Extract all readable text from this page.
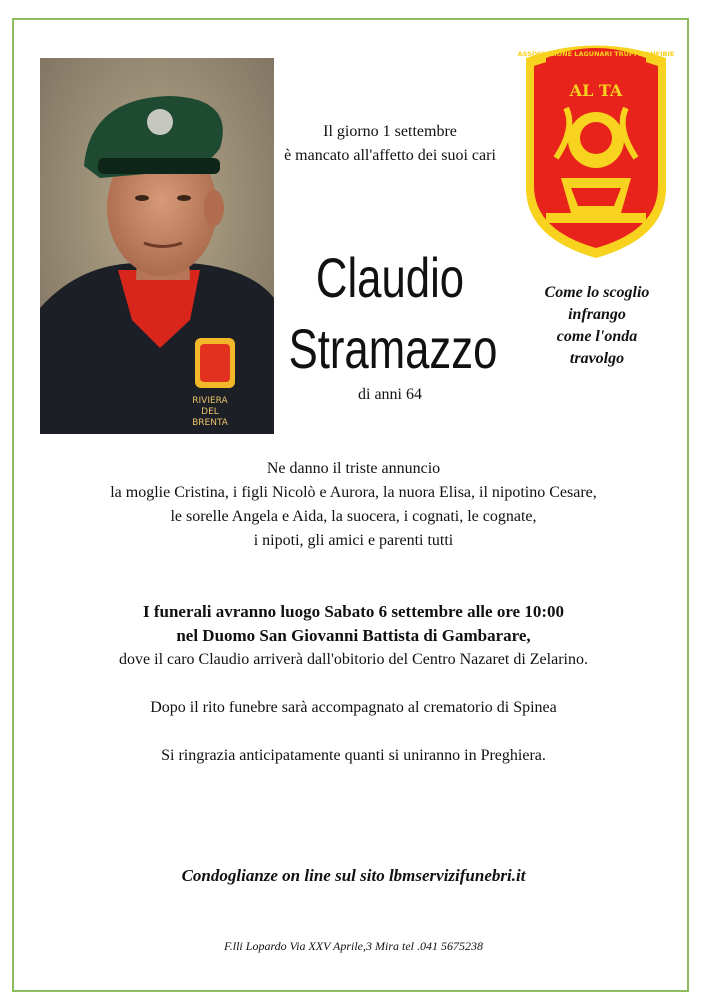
RIVIERA
DEL
BRENTA
ASSOCIAZIONE LAGUNARI TRUPPE ANFIBIE
AL TA
Come lo scoglio
infrango
come l'onda
travolgo
Il giorno 1 settembre
è mancato all'affetto dei suoi cari
Claudio
Stramazzo
di anni 64
Ne danno il triste annuncio
la moglie Cristina, i figli Nicolò e Aurora, la nuora Elisa, il nipotino Cesare,
le sorelle Angela e Aida, la suocera, i cognati, le cognate,
i nipoti, gli amici e parenti tutti
I funerali avranno luogo Sabato 6 settembre alle ore 10:00
nel Duomo San Giovanni Battista di Gambarare,
dove il caro Claudio arriverà dall'obitorio del Centro Nazaret di Zelarino.
Dopo il rito funebre sarà accompagnato al crematorio di Spinea
Si ringrazia anticipatamente quanti si uniranno in Preghiera.
Condoglianze on line sul sito lbmservizifunebri.it
F.lli Lopardo Via XXV Aprile,3 Mira tel .041 5675238
